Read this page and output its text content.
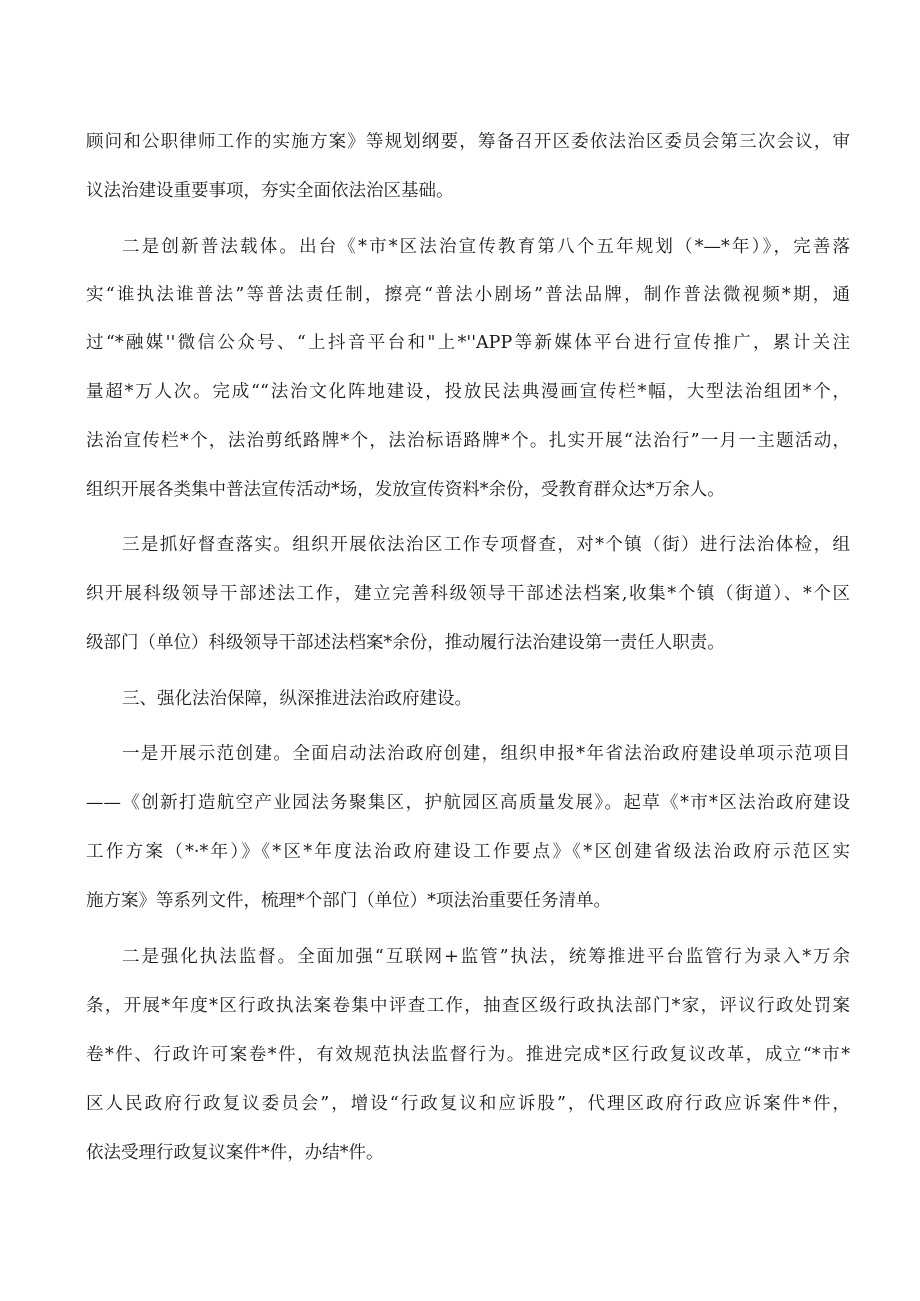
顾问和公职律师工作的实施方案》等规划纲要，筹备召开区委依法治区委员会第三次会议，审
议法治建设重要事项，夯实全面依法治区基础。
二是创新普法载体。出台《*市*区法治宣传教育第八个五年规划（*—*年）》，完善落
实“谁执法谁普法”等普法责任制，擦亮“普法小剧场”普法品牌，制作普法微视频*期，通
过“*融媒''微信公众号、“上抖音平台和"上*''APP等新媒体平台进行宣传推广，累计关注
量超*万人次。完成““法治文化阵地建设，投放民法典漫画宣传栏*幅，大型法治组团*个，
法治宣传栏*个，法治剪纸路牌*个，法治标语路牌*个。扎实开展“法治行”一月一主题活动，
组织开展各类集中普法宣传活动*场，发放宣传资料*余份，受教育群众达*万余人。
三是抓好督查落实。组织开展依法治区工作专项督查，对*个镇（街）进行法治体检，组
织开展科级领导干部述法工作，建立完善科级领导干部述法档案,收集*个镇（街道）、*个区
级部门（单位）科级领导干部述法档案*余份，推动履行法治建设第一责任人职责。
三、强化法治保障，纵深推进法治政府建设。
一是开展示范创建。全面启动法治政府创建，组织申报*年省法治政府建设单项示范项目
——《创新打造航空产业园法务聚集区，护航园区高质量发展》。起草《*市*区法治政府建设
工作方案（*·*年）》《*区*年度法治政府建设工作要点》《*区创建省级法治政府示范区实
施方案》等系列文件，梳理*个部门（单位）*项法治重要任务清单。
二是强化执法监督。全面加强“互联网+监管”执法，统筹推进平台监管行为录入*万余
条，开展*年度*区行政执法案卷集中评查工作，抽查区级行政执法部门*家，评议行政处罚案
卷*件、行政许可案卷*件，有效规范执法监督行为。推进完成*区行政复议改革，成立“*市*
区人民政府行政复议委员会”，增设“行政复议和应诉股”，代理区政府行政应诉案件*件，
依法受理行政复议案件*件，办结*件。
